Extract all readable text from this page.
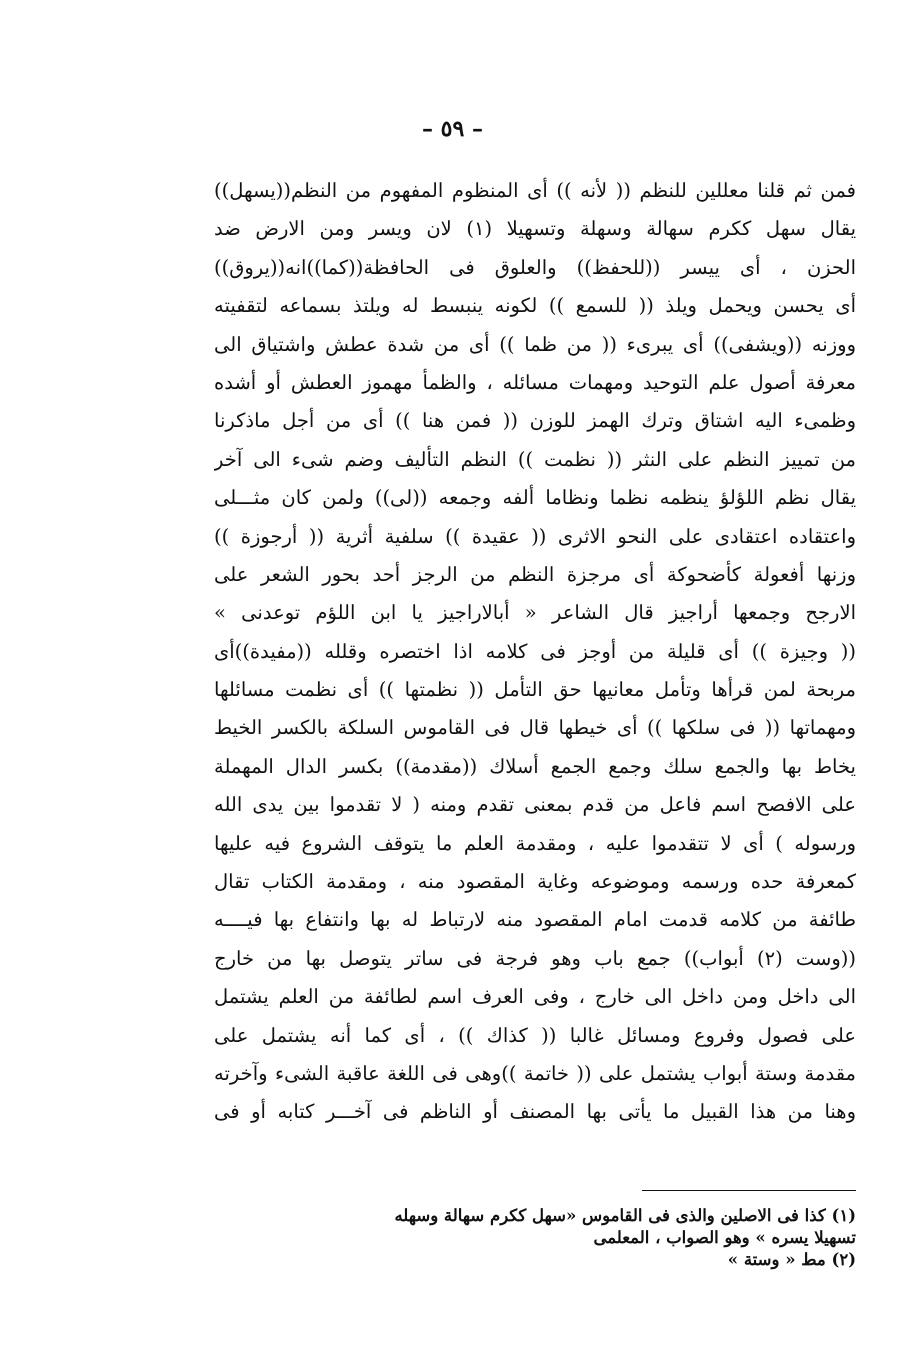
– ٥٩ –
فمن ثم قلنا معللين للنظم (( لأنه )) أى المنظوم المفهوم من النظم((يسهل))
يقال سهل ككرم سهالة وسهلة وتسهيلا (١) لان ويسر ومن الارض ضد
الحزن ، أى ييسر ((للحفظ)) والعلوق فى الحافظة((كما))انه((يروق))
أى يحسن ويحمل ويلذ (( للسمع )) لكونه ينبسط له ويلتذ بسماعه لتقفيته
ووزنه ((ويشفى)) أى يبرىء (( من ظما )) أى من شدة عطش واشتياق الى
معرفة أصول علم التوحيد ومهمات مسائله ، والظمأ مهموز العطش أو أشده
وظمىء اليه اشتاق وترك الهمز للوزن (( فمن هنا )) أى من أجل ماذكرنا
من تمييز النظم على النثر (( نظمت )) النظم التأليف وضم شىء الى آخر
يقال نظم اللؤلؤ ينظمه نظما ونظاما ألفه وجمعه ((لى)) ولمن كان مثـــلى
واعتقاده اعتقادى على النحو الاثرى (( عقيدة )) سلفية أثرية (( أرجوزة ))
وزنها أفعولة كأضحوكة أى مرجزة النظم من الرجز أحد بحور الشعر على
الارجح وجمعها أراجيز قال الشاعر « أبالاراجيز يا ابن اللؤم توعدنى »
(( وجيزة )) أى قليلة من أوجز فى كلامه اذا اختصره وقلله ((مفيدة))أى
مربحة لمن قرأها وتأمل معانيها حق التأمل (( نظمتها )) أى نظمت مسائلها
ومهماتها (( فى سلكها )) أى خيطها قال فى القاموس السلكة بالكسر الخيط
يخاط بها والجمع سلك وجمع الجمع أسلاك ((مقدمة)) بكسر الدال المهملة
على الافصح اسم فاعل من قدم بمعنى تقدم ومنه ( لا تقدموا بين يدى الله
ورسوله ) أى لا تتقدموا عليه ، ومقدمة العلم ما يتوقف الشروع فيه عليها
كمعرفة حده ورسمه وموضوعه وغاية المقصود منه ، ومقدمة الكتاب تقال
طائفة من كلامه قدمت امام المقصود منه لارتباط له بها وانتفاع بها فيــــه
((وست (٢) أبواب)) جمع باب وهو فرجة فى ساتر يتوصل بها من خارج
الى داخل ومن داخل الى خارج ، وفى العرف اسم لطائفة من العلم يشتمل
على فصول وفروع ومسائل غالبا (( كذاك )) ، أى كما أنه يشتمل على
مقدمة وستة أبواب يشتمل على (( خاتمة ))وهى فى اللغة عاقبة الشىء وآخرته
وهنا من هذا القبيل ما يأتى بها المصنف أو الناظم فى آخـــر كتابه أو فى
(١) كذا فى الاصلين والذى فى القاموس «سهل ككرم سهالة وسهله
تسهيلا يسره » وهو الصواب ، المعلمى
(٢) مط « وستة »
